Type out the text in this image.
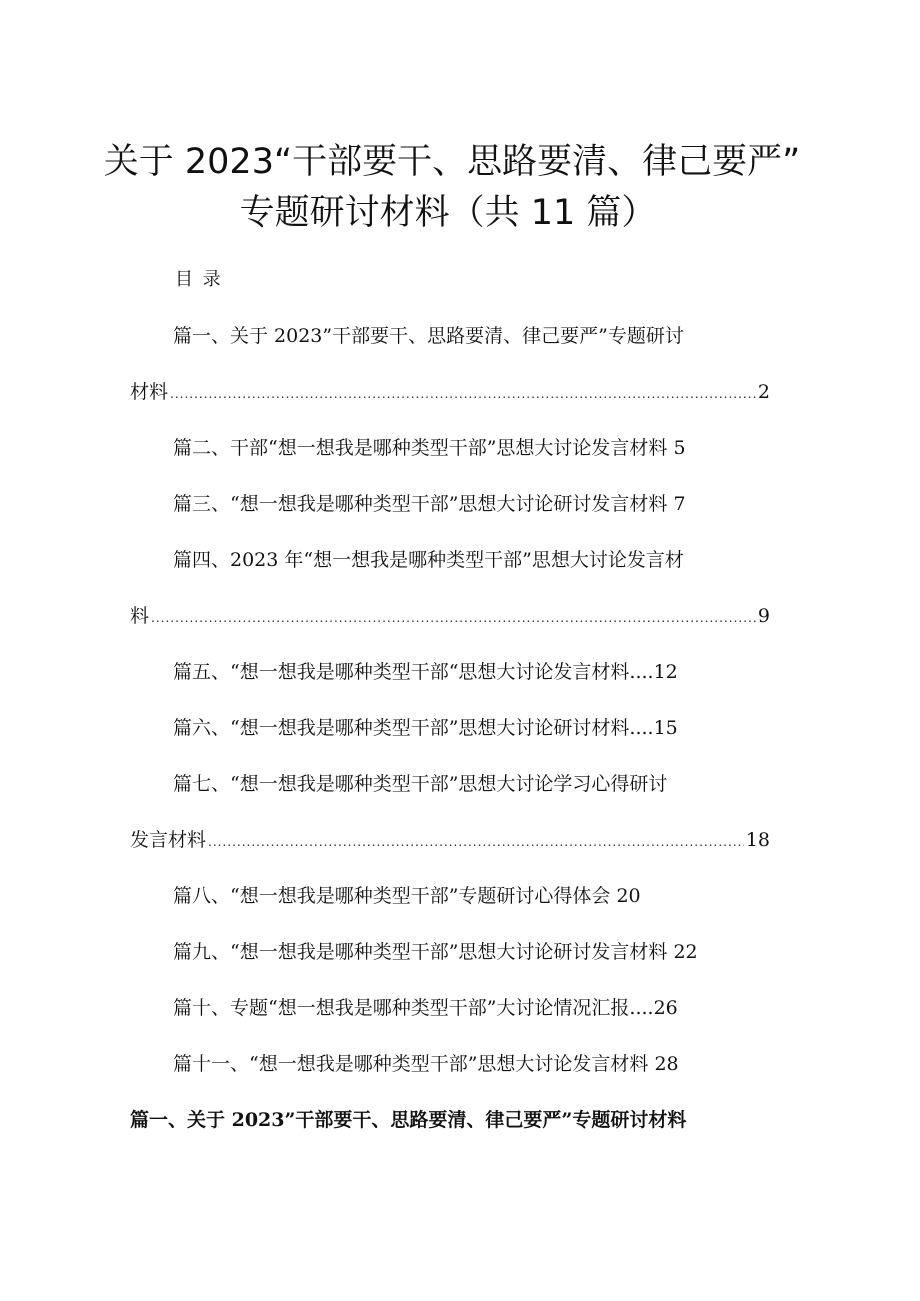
关于 2023“干部要干、思路要清、律己要严”
专题研讨材料（共 11 篇）
目 录
篇一、关于 2023”干部要干、思路要清、律己要严”专题研讨
材料 .....	2
篇二、干部“想一想我是哪种类型干部”思想大讨论发言材料 5
篇三、“想一想我是哪种类型干部”思想大讨论研讨发言材料 7
篇四、2023 年“想一想我是哪种类型干部”思想大讨论发言材
料 .....	9
篇五、“想一想我是哪种类型干部“思想大讨论发言材料....12
篇六、“想一想我是哪种类型干部”思想大讨论研讨材料....15
篇七、“想一想我是哪种类型干部”思想大讨论学习心得研讨
发言材料 .....	18
篇八、“想一想我是哪种类型干部”专题研讨心得体会 20
篇九、“想一想我是哪种类型干部”思想大讨论研讨发言材料 22
篇十、专题“想一想我是哪种类型干部”大讨论情况汇报....26
篇十一、“想一想我是哪种类型干部”思想大讨论发言材料 28
篇一、关于 2023”干部要干、思路要清、律己要严”专题研讨材料
